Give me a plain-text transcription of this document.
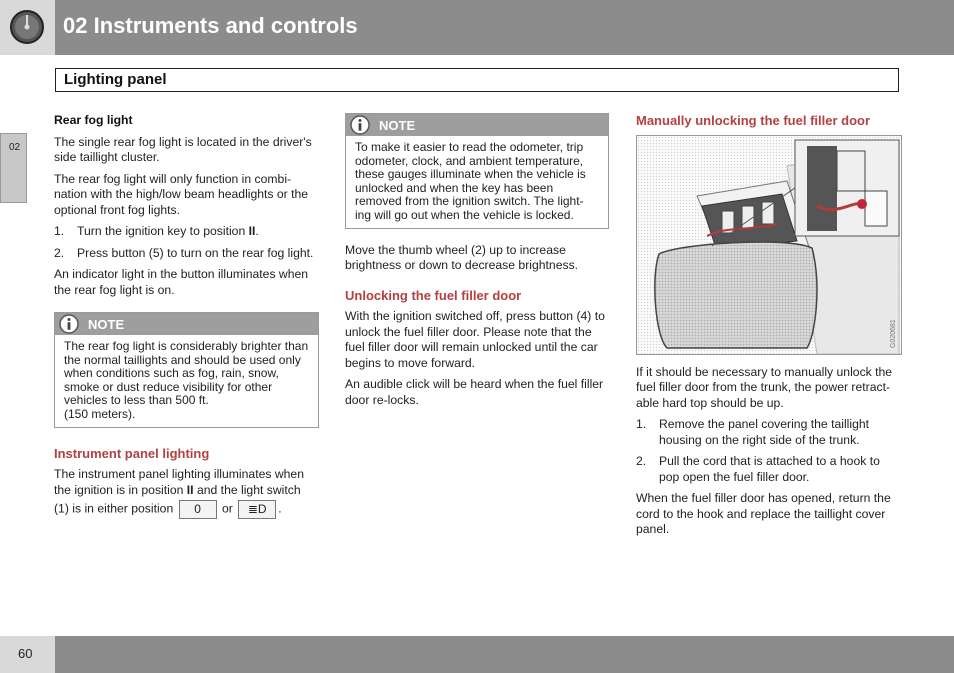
02 Instruments and controls
Lighting panel
02

Rear fog light

The single rear fog light is located in the driver's side taillight cluster.

The rear fog light will only function in combi-nation with the high/low beam headlights or the optional front fog lights.

1. Turn the ignition key to position II.
2. Press button (5) to turn on the rear fog light.

An indicator light in the button illuminates when the rear fog light is on.

NOTE
The rear fog light is considerably brighter than the normal taillights and should be used only when conditions such as fog, rain, snow, smoke or dust reduce visibility for other vehicles to less than 500 ft.
(150 meters).

Instrument panel lighting

The instrument panel lighting illuminates when the ignition is in position II and the light switch

(1) is in either position 0 or ≣D .

NOTE
To make it easier to read the odometer, trip odometer, clock, and ambient temperature, these gauges illuminate when the vehicle is unlocked and when the key has been removed from the ignition switch. The light-ing will go out when the vehicle is locked.

Move the thumb wheel (2) up to increase brightness or down to decrease brightness.

Unlocking the fuel filler door

With the ignition switched off, press button (4) to unlock the fuel filler door. Please note that the fuel filler door will remain unlocked until the car begins to move forward.

An audible click will be heard when the fuel filler door re-locks.

Manually unlocking the fuel filler door

G020681

If it should be necessary to manually unlock the fuel filler door from the trunk, the power retract-able hard top should be up.

1. Remove the panel covering the taillight housing on the right side of the trunk.
2. Pull the cord that is attached to a hook to pop open the fuel filler door.

When the fuel filler door has opened, return the cord to the hook and replace the taillight cover panel.

60
